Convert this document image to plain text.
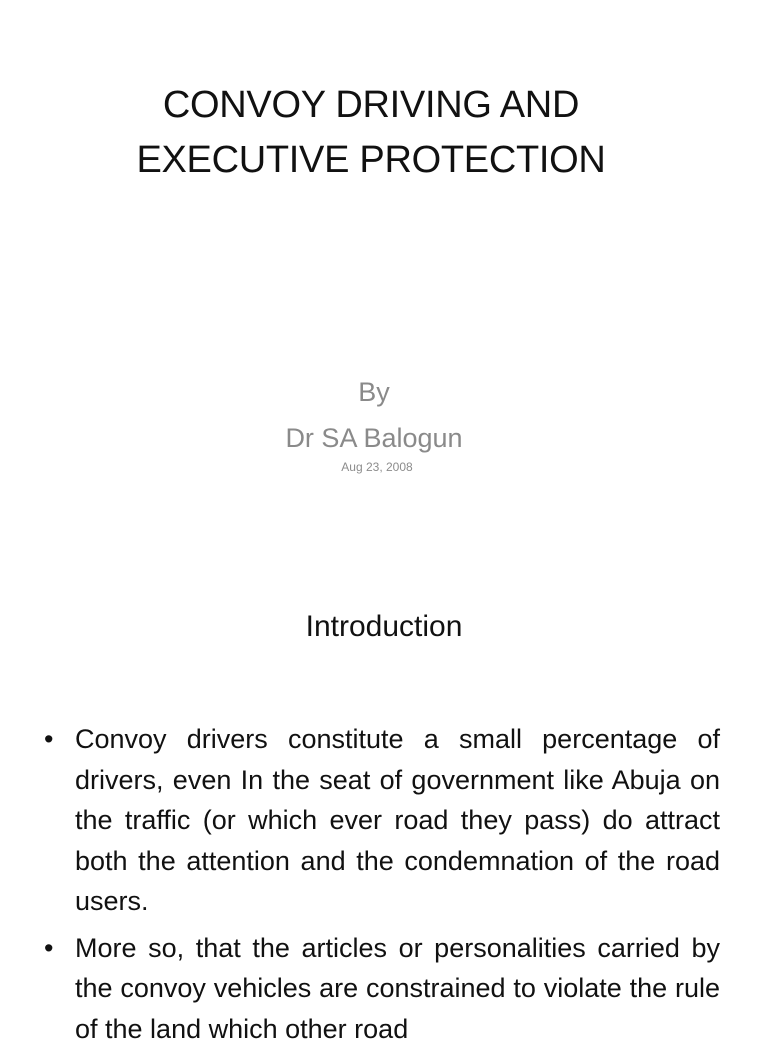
CONVOY DRIVING AND
EXECUTIVE PROTECTION
By
Dr SA Balogun
Aug 23, 2008
Introduction
• Convoy drivers constitute a small percentage of drivers, even In the seat of government like Abuja on the traffic (or which ever road they pass) do attract both the attention and the condemnation of the road users.
• More so, that the articles or personalities carried by the convoy vehicles are constrained to violate the rule of the land which other road
